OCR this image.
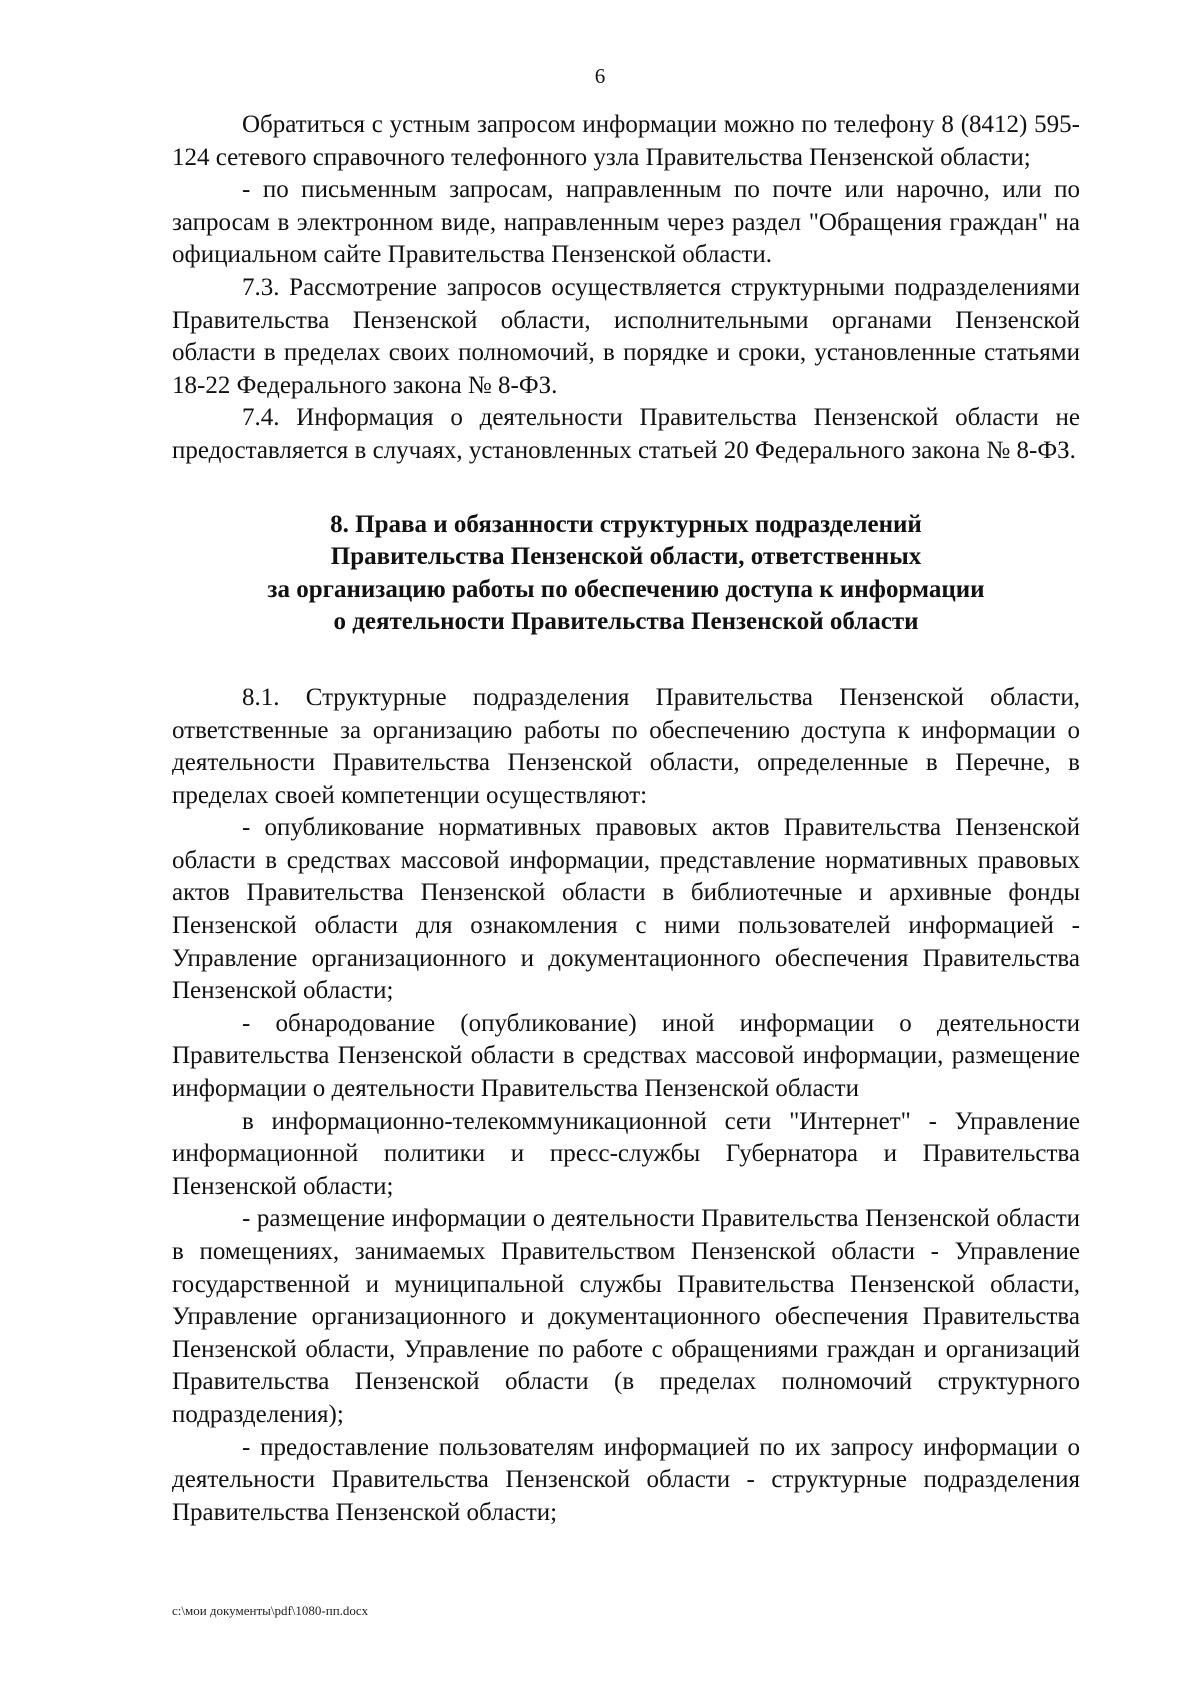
6

Обратиться с устным запросом информации можно по телефону 8 (8412) 595-124 сетевого справочного телефонного узла Правительства Пензенской области;

- по письменным запросам, направленным по почте или нарочно, или по запросам в электронном виде, направленным через раздел "Обращения граждан" на официальном сайте Правительства Пензенской области.

7.3. Рассмотрение запросов осуществляется структурными подразделениями Правительства Пензенской области, исполнительными органами Пензенской области в пределах своих полномочий, в порядке и сроки, установленные статьями 18-22 Федерального закона № 8-ФЗ.

7.4. Информация о деятельности Правительства Пензенской области не предоставляется в случаях, установленных статьей 20 Федерального закона № 8-ФЗ.

8. Права и обязанности структурных подразделений
Правительства Пензенской области, ответственных
за организацию работы по обеспечению доступа к информации
о деятельности Правительства Пензенской области

8.1. Структурные подразделения Правительства Пензенской области, ответственные за организацию работы по обеспечению доступа к информации о деятельности Правительства Пензенской области, определенные в Перечне, в пределах своей компетенции осуществляют:

- опубликование нормативных правовых актов Правительства Пензенской области в средствах массовой информации, представление нормативных правовых актов Правительства Пензенской области в библиотечные и архивные фонды Пензенской области для ознакомления с ними пользователей информацией - Управление организационного и документационного обеспечения Правительства Пензенской области;

- обнародование (опубликование) иной информации о деятельности Правительства Пензенской области в средствах массовой информации, размещение информации о деятельности Правительства Пензенской области

в информационно-телекоммуникационной сети "Интернет" - Управление информационной политики и пресс-службы Губернатора и Правительства Пензенской области;

- размещение информации о деятельности Правительства Пензенской области в помещениях, занимаемых Правительством Пензенской области - Управление государственной и муниципальной службы Правительства Пензенской области, Управление организационного и документационного обеспечения Правительства Пензенской области, Управление по работе с обращениями граждан и организаций Правительства Пензенской области (в пределах полномочий структурного подразделения);

- предоставление пользователям информацией по их запросу информации о деятельности Правительства Пензенской области - структурные подразделения Правительства Пензенской области;

c:\мои документы\pdf\1080-пп.docx
